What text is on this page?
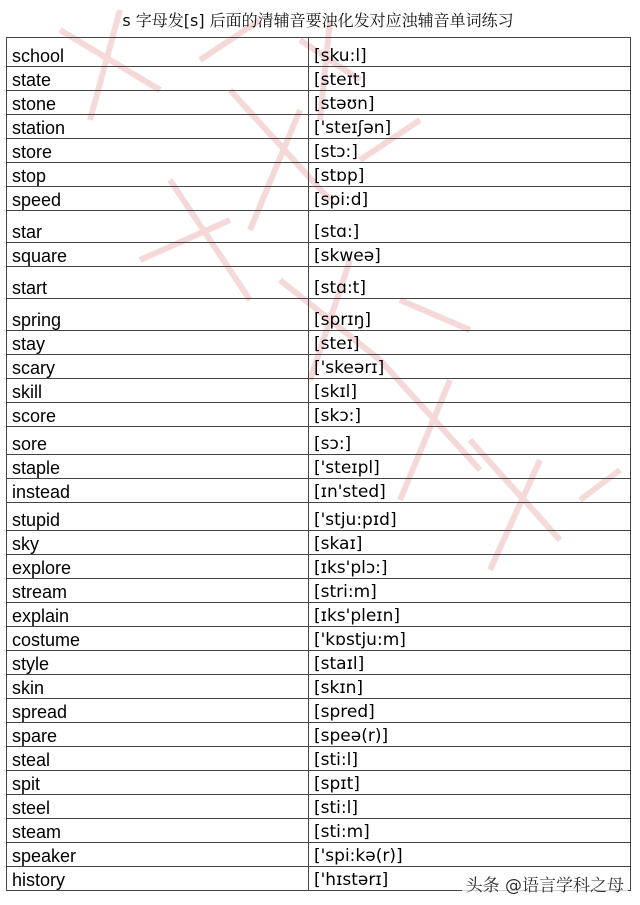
s 字母发[s] 后面的清辅音要浊化发对应浊辅音单词练习
school	[sku:l]
state	[steɪt]
stone	[stəʊn]
station	['steɪʃən]
store	[stɔ:]
stop	[stɒp]
speed	[spi:d]
star	[stɑ:]
square	[skweə]
start	[stɑ:t]
spring	[sprɪŋ]
stay	[steɪ]
scary	['skeərɪ]
skill	[skɪl]
score	[skɔ:]
sore	[sɔ:]
staple	['steɪpl]
instead	[ɪn'sted]
stupid	['stju:pɪd]
sky	[skaɪ]
explore	[ɪks'plɔ:]
stream	[stri:m]
explain	[ɪks'pleɪn]
costume	['kɒstju:m]
style	[staɪl]
skin	[skɪn]
spread	[spred]
spare	[speə(r)]
steal	[sti:l]
spit	[spɪt]
steel	[sti:l]
steam	[sti:m]
speaker	['spi:kə(r)]
history	['hɪstərɪ]	头条 @语言学科之母
